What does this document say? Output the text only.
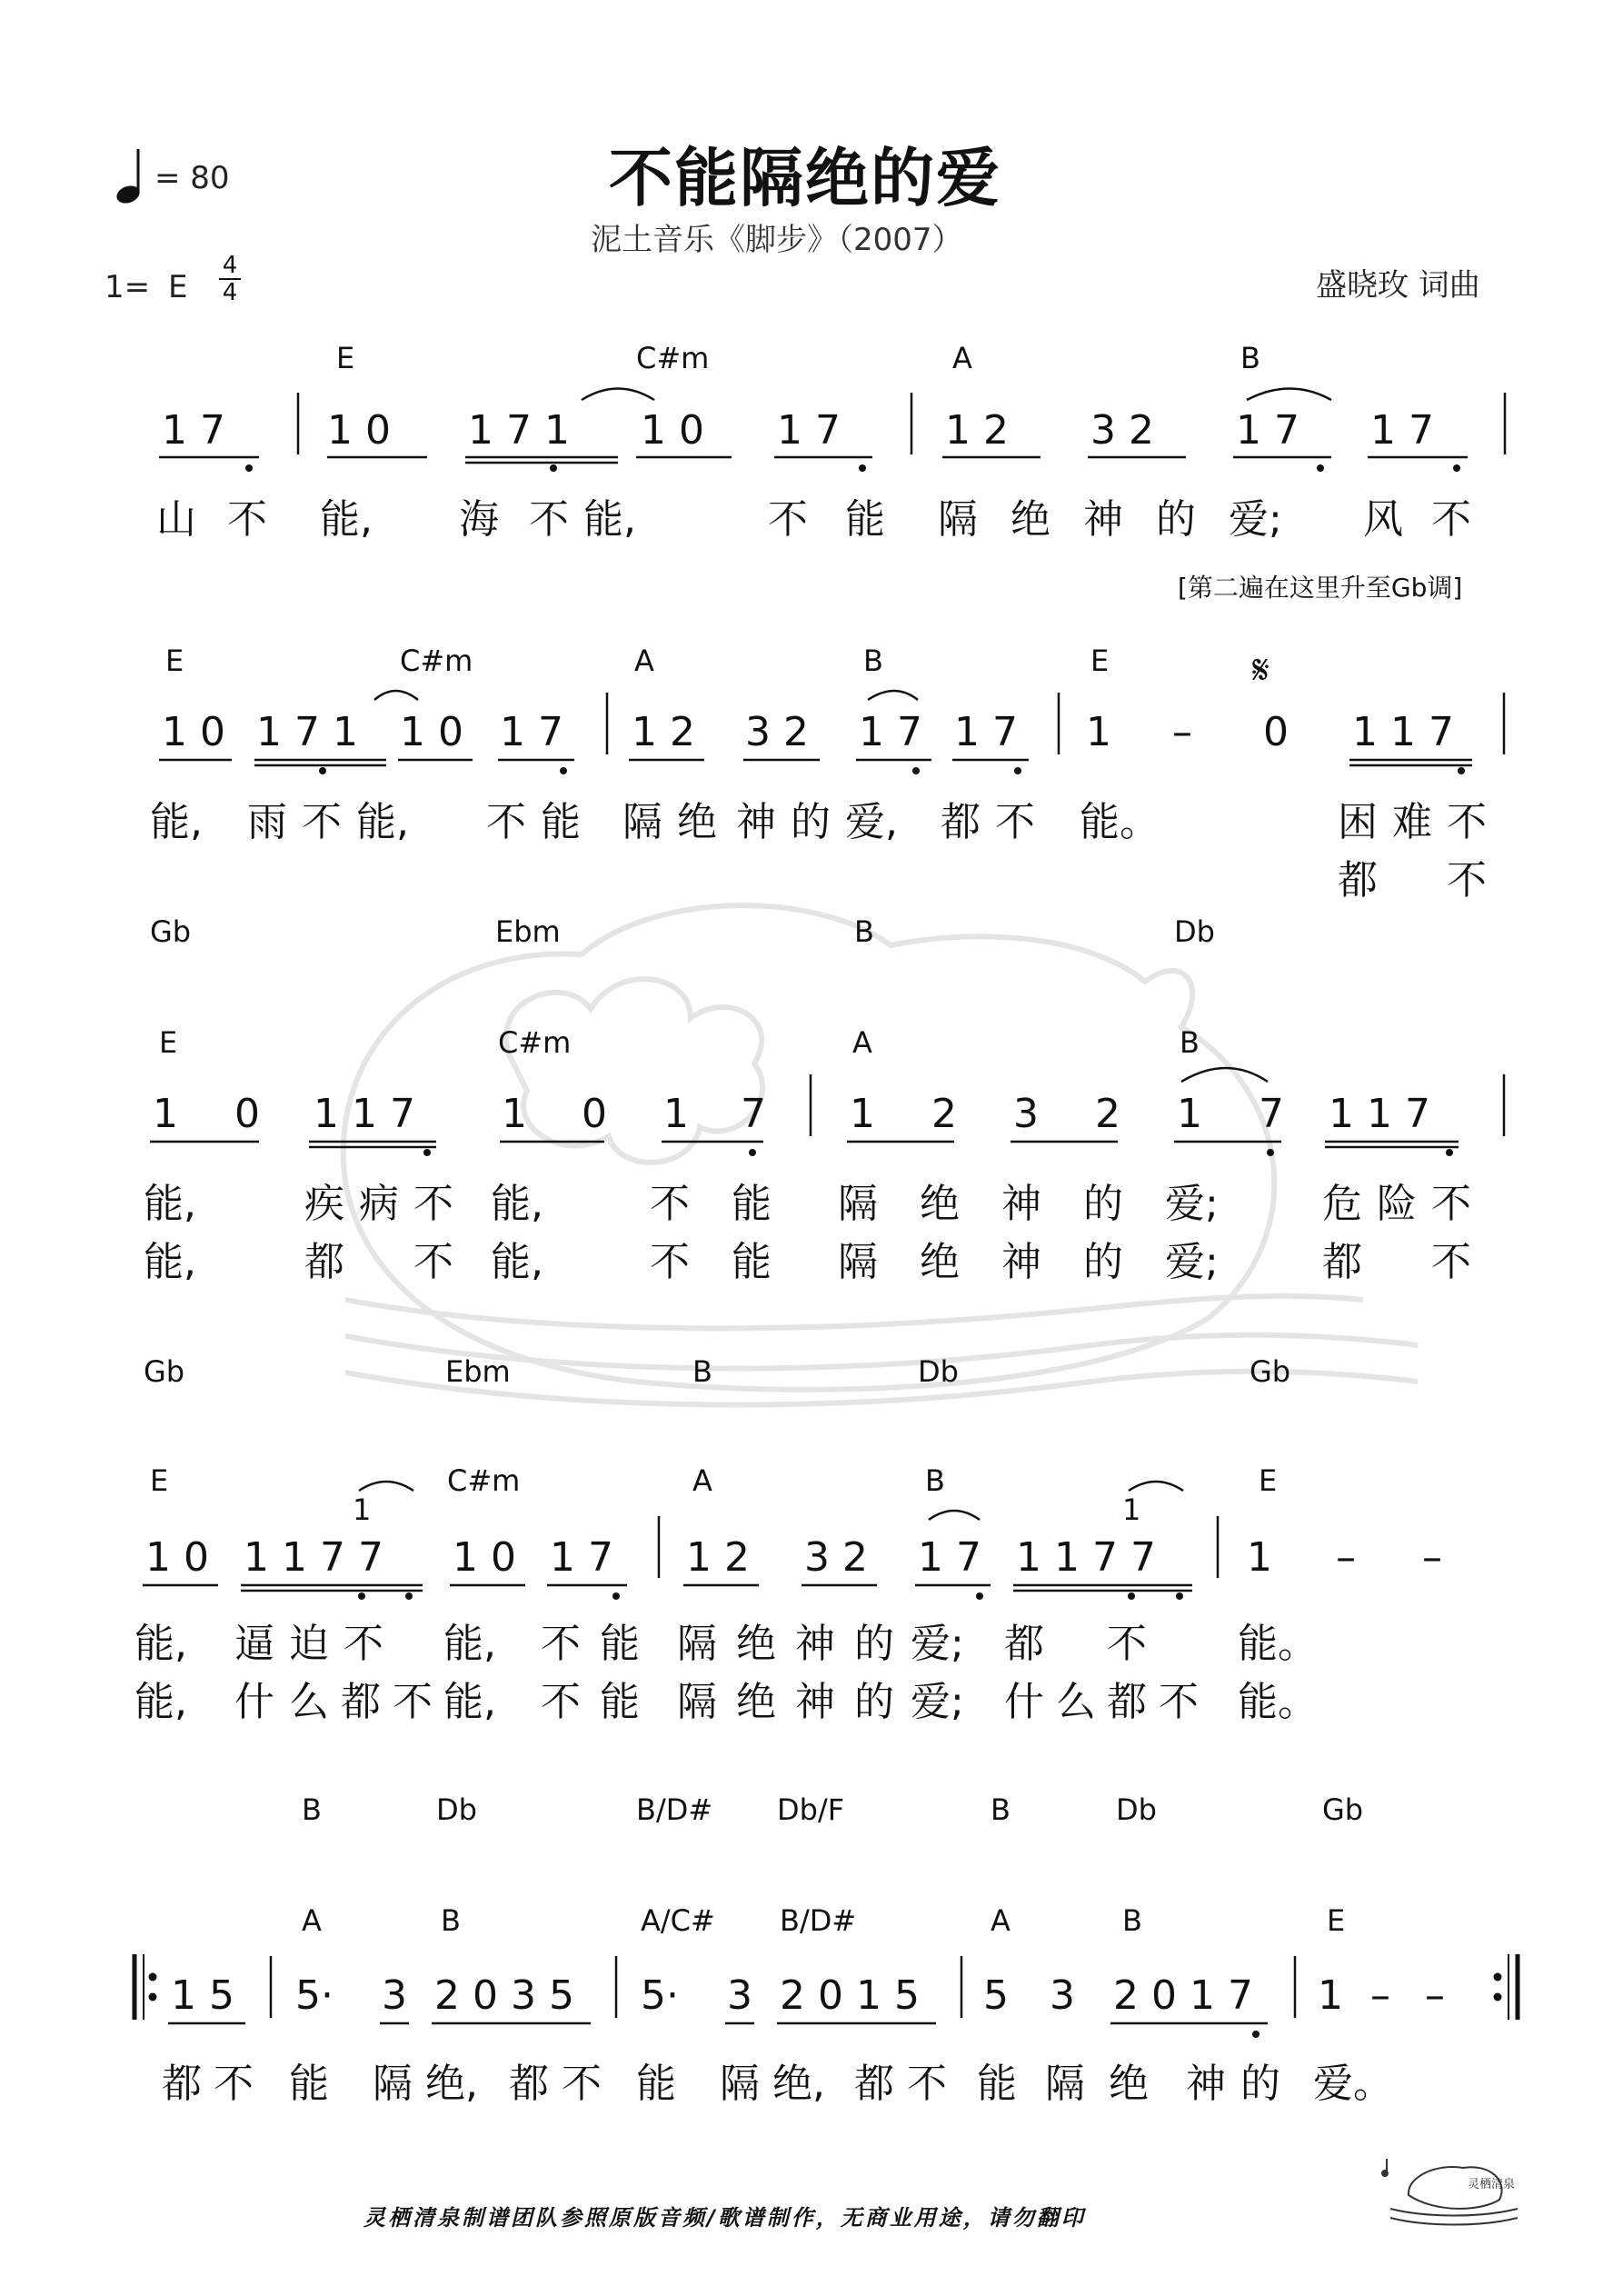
= 80	不能隔绝的爱
泥土音乐《脚步》（2007）
1= E
4
4	盛晓玫 词曲
E	C#m	A	B
1 7	1 0 1 7 1 1 0 1 7	1 2 3 2 1 7 1 7
山 不 能, 海 不 能,	不 能 隔 绝 神 的 爱; 风 不
[第二遍在这里升至Gb调]
E	C#m	A	B	E	𝄋
1 0 1 7 1 1 0 1 7 1 2 3 2 1 7 1 7 1 – 0 1 1 7
能, 雨 不 能, 不 能 隔 绝 神 的 爱, 都 不 能。	困 难 不
都 不
Gb	Ebm	B	Db
E	C#m	A	B
1 0 1 1 7 1 0 1 7 1 2 3 2 1 7 1 1 7
能,	疾 病 不 能,	不 能 隔 绝 神 的 爱;	危 险 不
能,	都 不 能,	不 能 隔 绝 神 的 爱;	都 不
Gb	Ebm	B	Db	Gb
E	C#m	A	B	E
1	1
1 0 1 1 7 7 1 0 1 7 1 2 3 2 1 7 1 1 7 7 1 – –
能, 逼 迫 不 能, 不 能 隔 绝 神 的 爱; 都 不 能。
能, 什 么 都 不 能, 不 能 隔 绝 神 的 爱; 什 么 都 不 能。
B	Db	B/D# Db/F	B	Db	Gb
A	B	A/C# B/D#	A	B	E
1 5 5· 3 2 0 3 5 5· 3 2 0 1 5 5 3 2 0 1 7 1 – –
都 不 能 隔 绝, 都 不 能 隔 绝, 都 不 能 隔 绝 神 的 爱。
灵栖清泉制谱团队参照原版音频/歌谱制作，无商业用途，请勿翻印
灵栖清泉
